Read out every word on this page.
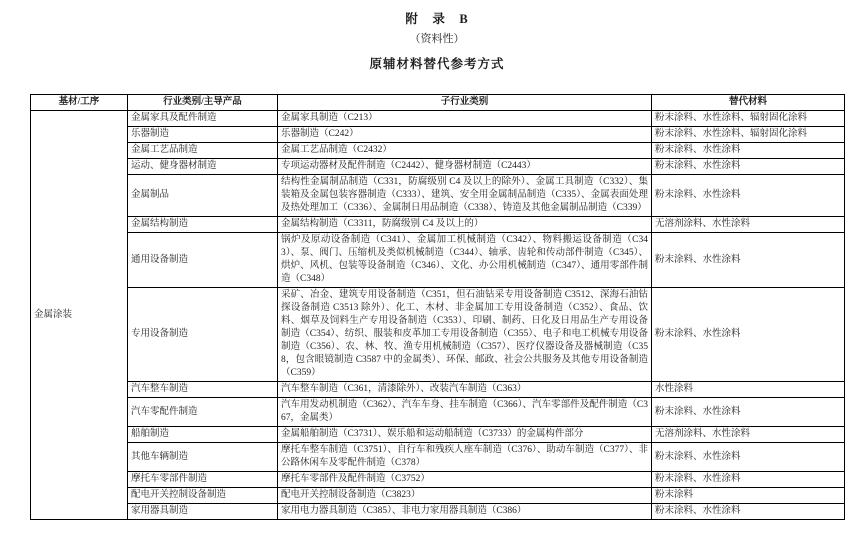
附　录　B
（资料性）
原辅材料替代参考方式
基材/工序	行业类别/主导产品	子行业类别	替代材料
金属涂装	金属家具及配件制造	金属家具制造（C213）	粉末涂料、水性涂料、辐射固化涂料
	乐器制造	乐器制造（C242）	粉末涂料、水性涂料、辐射固化涂料
	金属工艺品制造	金属工艺品制造（C2432）	粉末涂料、水性涂料
	运动、健身器材制造	专项运动器材及配件制造（C2442）、健身器材制造（C2443）	粉末涂料、水性涂料
	金属制品	结构性金属制品制造（C331，防腐级别 C4 及以上的除外）、金属工具制造（C332）、集装箱及金属包装容器制造（C333）、建筑、安全用金属制品制造（C335）、金属表面处理及热处理加工（C336）、金属制日用品制造（C338）、铸造及其他金属制品制造（C339）	粉末涂料、水性涂料
	金属结构制造	金属结构制造（C3311，防腐级别 C4 及以上的）	无溶剂涂料、水性涂料
	通用设备制造	锅炉及原动设备制造（C341）、金属加工机械制造（C342）、物料搬运设备制造（C343）、泵、阀门、压缩机及类似机械制造（C344）、轴承、齿轮和传动部件制造（C345）、烘炉、风机、包装等设备制造（C346）、文化、办公用机械制造（C347）、通用零部件制造（C348）	粉末涂料、水性涂料
	专用设备制造	采矿、冶金、建筑专用设备制造（C351，但石油钻采专用设备制造 C3512、深海石油钻探设备制造 C3513 除外）、化工、木材、非金属加工专用设备制造（C352）、食品、饮料、烟草及饲料生产专用设备制造（C353）、印刷、制药、日化及日用品生产专用设备制造（C354）、纺织、服装和皮革加工专用设备制造（C355）、电子和电工机械专用设备制造（C356）、农、林、牧、渔专用机械制造（C357）、医疗仪器设备及器械制造（C358，包含眼镜制造 C3587 中的金属类）、环保、邮政、社会公共服务及其他专用设备制造（C359）	粉末涂料、水性涂料
	汽车整车制造	汽车整车制造（C361，清漆除外）、改装汽车制造（C363）	水性涂料
	汽车零配件制造	汽车用发动机制造（C362）、汽车车身、挂车制造（C366）、汽车零部件及配件制造（C367，金属类）	粉末涂料、水性涂料
	船舶制造	金属船舶制造（C3731）、娱乐船和运动船制造（C3733）的金属构件部分	无溶剂涂料、水性涂料
	其他车辆制造	摩托车整车制造（C3751）、自行车和残疾人座车制造（C376）、助动车制造（C377）、非公路休闲车及零配件制造（C378）	粉末涂料、水性涂料
	摩托车零部件制造	摩托车零部件及配件制造（C3752）	粉末涂料、水性涂料
	配电开关控制设备制造	配电开关控制设备制造（C3823）	粉末涂料
	家用器具制造	家用电力器具制造（C385）、非电力家用器具制造（C386）	粉末涂料、水性涂料
